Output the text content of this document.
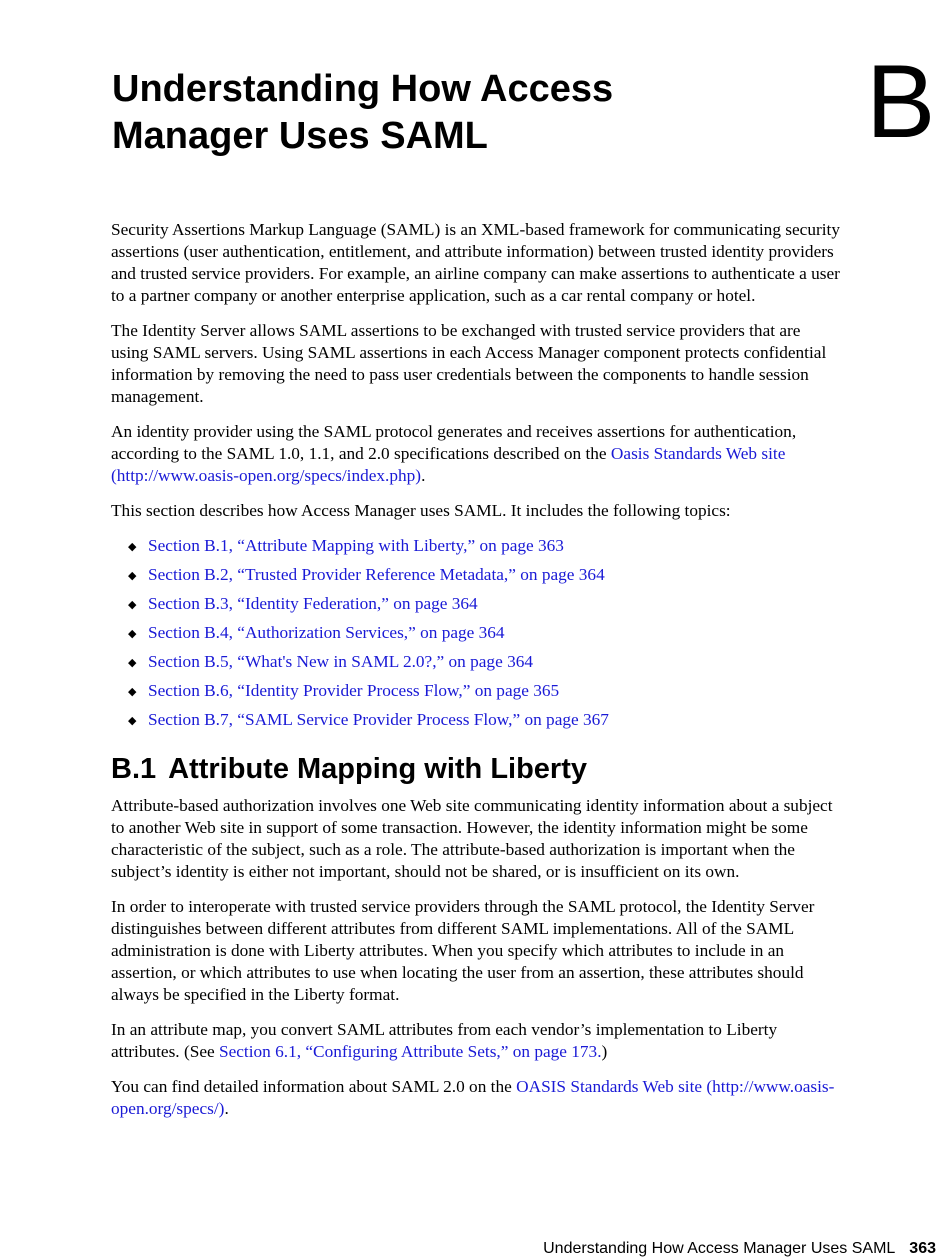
Understanding How Access
Manager Uses SAML	B

Security Assertions Markup Language (SAML) is an XML-based framework for communicating security assertions (user authentication, entitlement, and attribute information) between trusted identity providers and trusted service providers. For example, an airline company can make assertions to authenticate a user to a partner company or another enterprise application, such as a car rental company or hotel.

The Identity Server allows SAML assertions to be exchanged with trusted service providers that are using SAML servers. Using SAML assertions in each Access Manager component protects confidential information by removing the need to pass user credentials between the components to handle session management.

An identity provider using the SAML protocol generates and receives assertions for authentication, according to the SAML 1.0, 1.1, and 2.0 specifications described on the Oasis Standards Web site (http://www.oasis-open.org/specs/index.php).

This section describes how Access Manager uses SAML. It includes the following topics:

◆ Section B.1, “Attribute Mapping with Liberty,” on page 363
◆ Section B.2, “Trusted Provider Reference Metadata,” on page 364
◆ Section B.3, “Identity Federation,” on page 364
◆ Section B.4, “Authorization Services,” on page 364
◆ Section B.5, “What's New in SAML 2.0?,” on page 364
◆ Section B.6, “Identity Provider Process Flow,” on page 365
◆ Section B.7, “SAML Service Provider Process Flow,” on page 367
B.1 Attribute Mapping with Liberty

Attribute-based authorization involves one Web site communicating identity information about a subject to another Web site in support of some transaction. However, the identity information might be some characteristic of the subject, such as a role. The attribute-based authorization is important when the subject’s identity is either not important, should not be shared, or is insufficient on its own.

In order to interoperate with trusted service providers through the SAML protocol, the Identity Server distinguishes between different attributes from different SAML implementations. All of the SAML administration is done with Liberty attributes. When you specify which attributes to include in an assertion, or which attributes to use when locating the user from an assertion, these attributes should always be specified in the Liberty format.

In an attribute map, you convert SAML attributes from each vendor’s implementation to Liberty attributes. (See Section 6.1, “Configuring Attribute Sets,” on page 173.)

You can find detailed information about SAML 2.0 on the OASIS Standards Web site (http://www.oasis-open.org/specs/).

Understanding How Access Manager Uses SAML 363
